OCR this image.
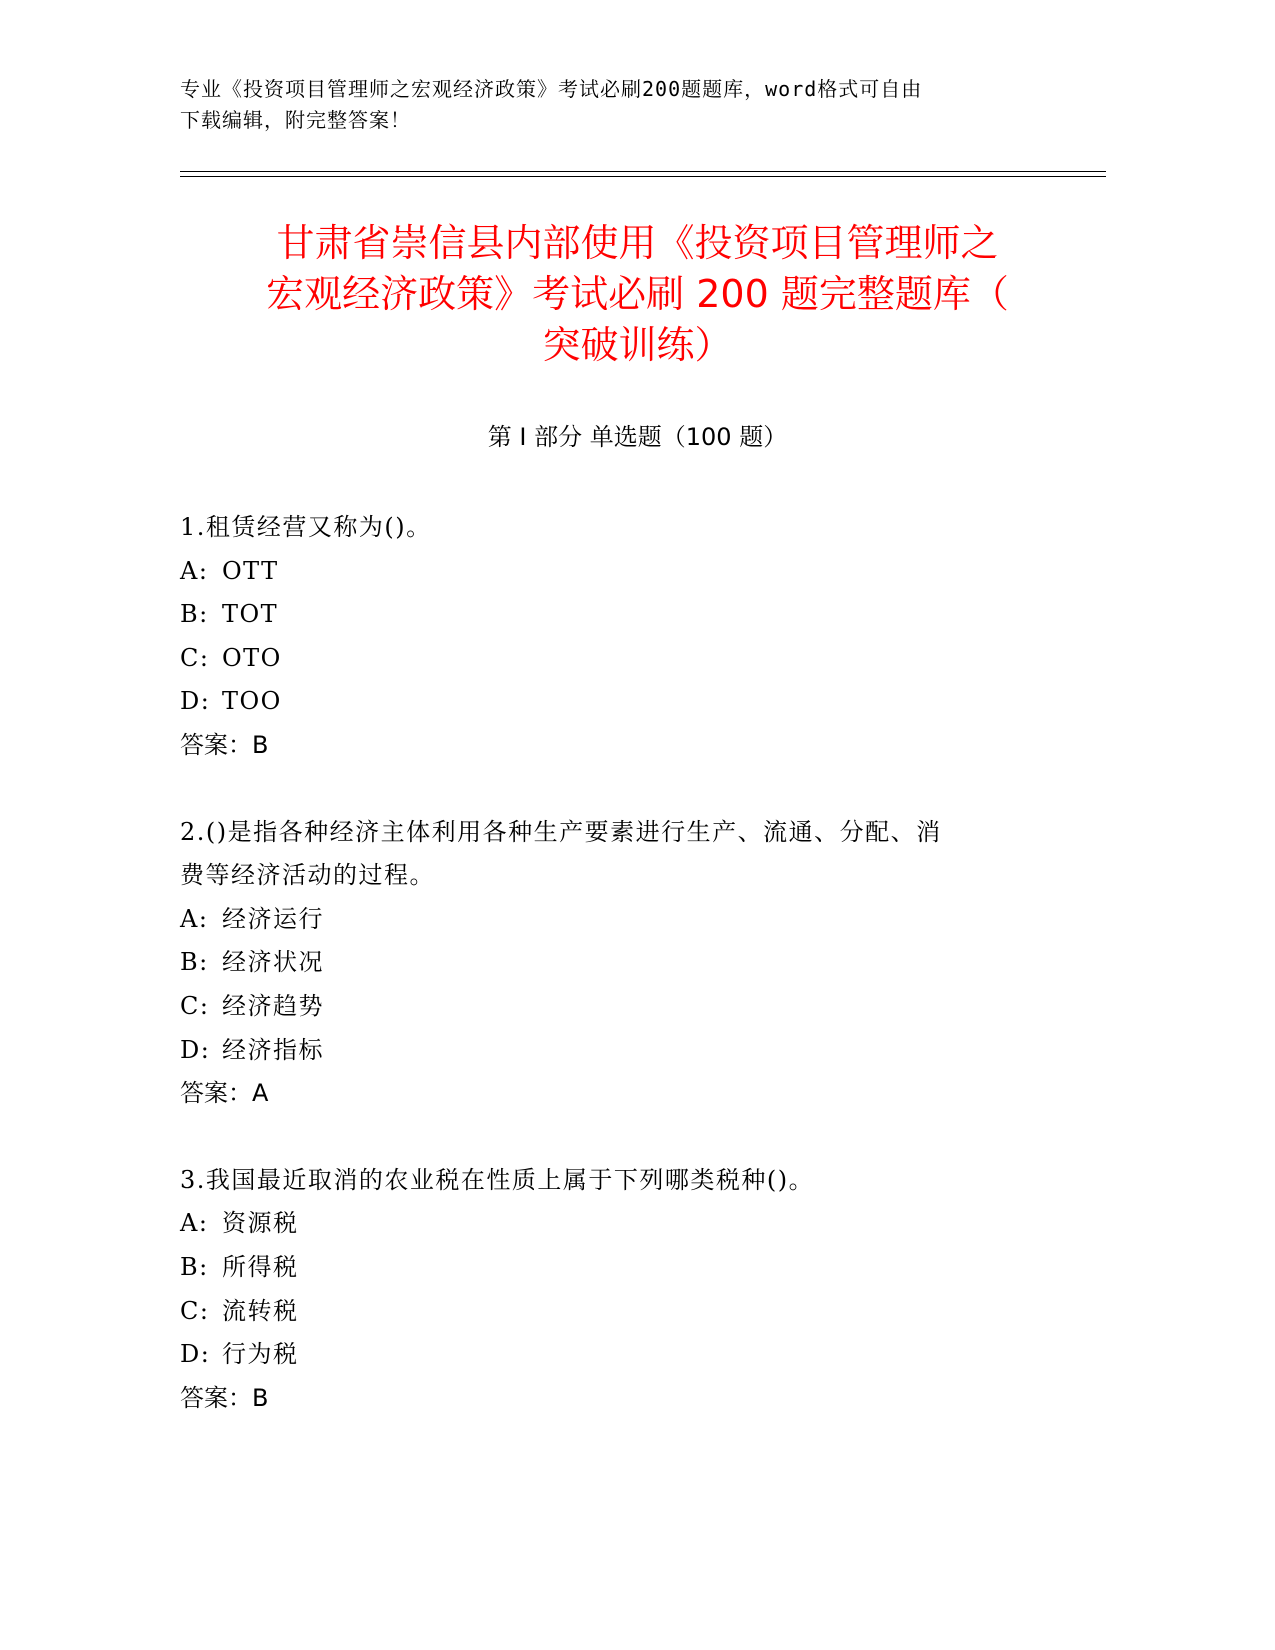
专业《投资项目管理师之宏观经济政策》考试必刷200题题库，word格式可自由
下载编辑，附完整答案！
甘肃省崇信县内部使用《投资项目管理师之
宏观经济政策》考试必刷 200 题完整题库（
突破训练）
第 I 部分 单选题（100 题）
1.租赁经营又称为()。
A: OTT
B: TOT
C: OTO
D: TOO
答案：B
2.()是指各种经济主体利用各种生产要素进行生产、流通、分配、消
费等经济活动的过程。
A: 经济运行
B: 经济状况
C: 经济趋势
D: 经济指标
答案：A
3.我国最近取消的农业税在性质上属于下列哪类税种()。
A: 资源税
B: 所得税
C: 流转税
D: 行为税
答案：B
